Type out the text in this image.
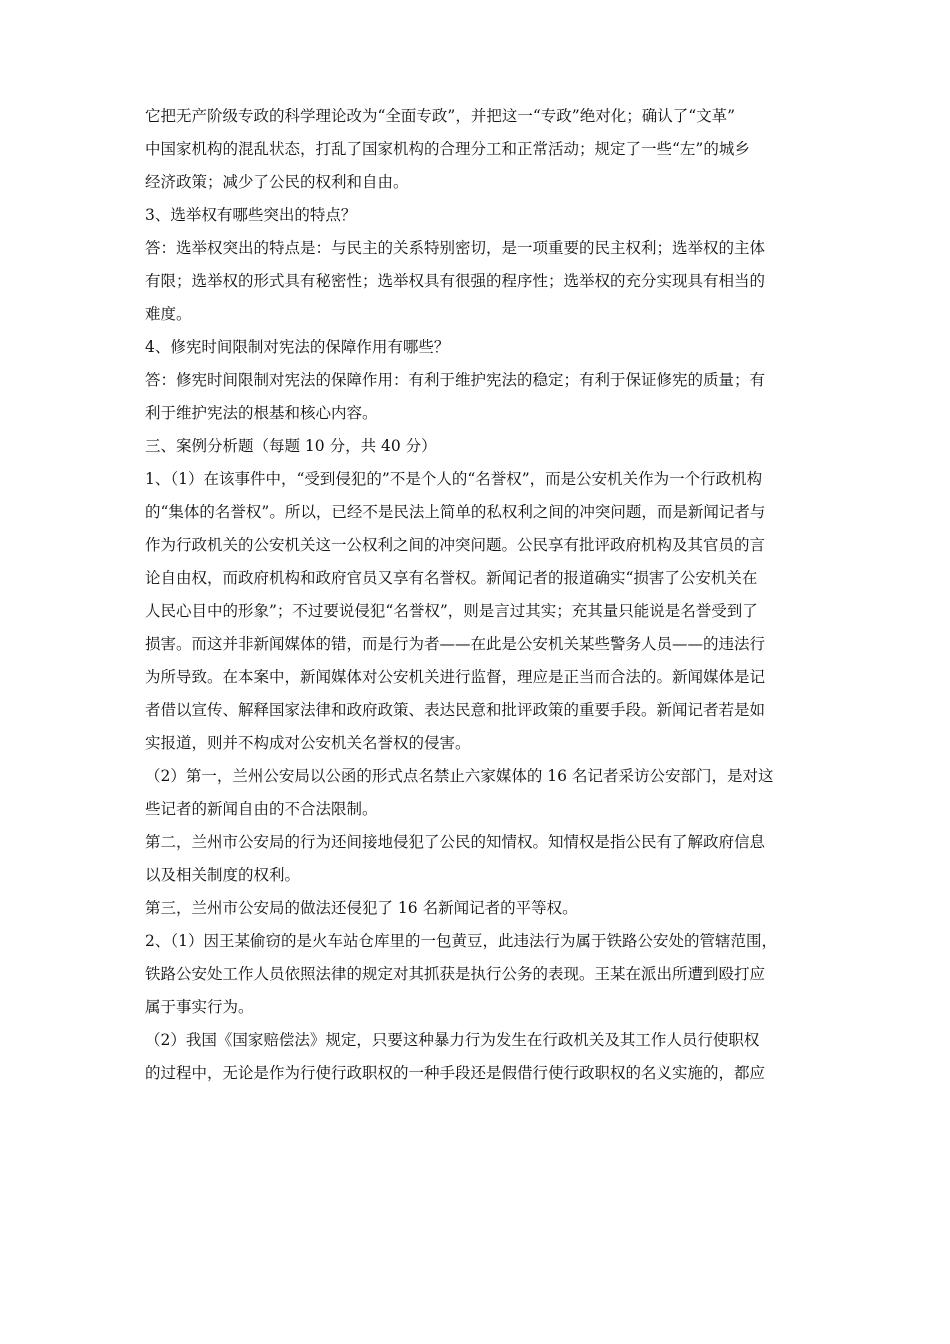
它把无产阶级专政的科学理论改为“全面专政”，并把这一“专政”绝对化；确认了“文革”
中国家机构的混乱状态，打乱了国家机构的合理分工和正常活动；规定了一些“左”的城乡
经济政策；减少了公民的权利和自由。
3、选举权有哪些突出的特点？
答：选举权突出的特点是：与民主的关系特别密切，是一项重要的民主权利；选举权的主体
有限；选举权的形式具有秘密性；选举权具有很强的程序性；选举权的充分实现具有相当的
难度。
4、修宪时间限制对宪法的保障作用有哪些？
答：修宪时间限制对宪法的保障作用：有利于维护宪法的稳定；有利于保证修宪的质量；有
利于维护宪法的根基和核心内容。
三、案例分析题（每题 10 分，共 40 分）
1、（1）在该事件中，“受到侵犯的”不是个人的“名誉权”，而是公安机关作为一个行政机构
的“集体的名誉权”。所以，已经不是民法上简单的私权利之间的冲突问题，而是新闻记者与
作为行政机关的公安机关这一公权利之间的冲突问题。公民享有批评政府机构及其官员的言
论自由权，而政府机构和政府官员又享有名誉权。新闻记者的报道确实“损害了公安机关在
人民心目中的形象”；不过要说侵犯“名誉权”，则是言过其实；充其量只能说是名誉受到了
损害。而这并非新闻媒体的错，而是行为者——在此是公安机关某些警务人员——的违法行
为所导致。在本案中，新闻媒体对公安机关进行监督，理应是正当而合法的。新闻媒体是记
者借以宣传、解释国家法律和政府政策、表达民意和批评政策的重要手段。新闻记者若是如
实报道，则并不构成对公安机关名誉权的侵害。
（2）第一，兰州公安局以公函的形式点名禁止六家媒体的 16 名记者采访公安部门，是对这
些记者的新闻自由的不合法限制。
第二，兰州市公安局的行为还间接地侵犯了公民的知情权。知情权是指公民有了解政府信息
以及相关制度的权利。
第三，兰州市公安局的做法还侵犯了 16 名新闻记者的平等权。
2、（1）因王某偷窃的是火车站仓库里的一包黄豆，此违法行为属于铁路公安处的管辖范围，
铁路公安处工作人员依照法律的规定对其抓获是执行公务的表现。王某在派出所遭到殴打应
属于事实行为。
（2）我国《国家赔偿法》规定，只要这种暴力行为发生在行政机关及其工作人员行使职权
的过程中，无论是作为行使行政职权的一种手段还是假借行使行政职权的名义实施的，都应
